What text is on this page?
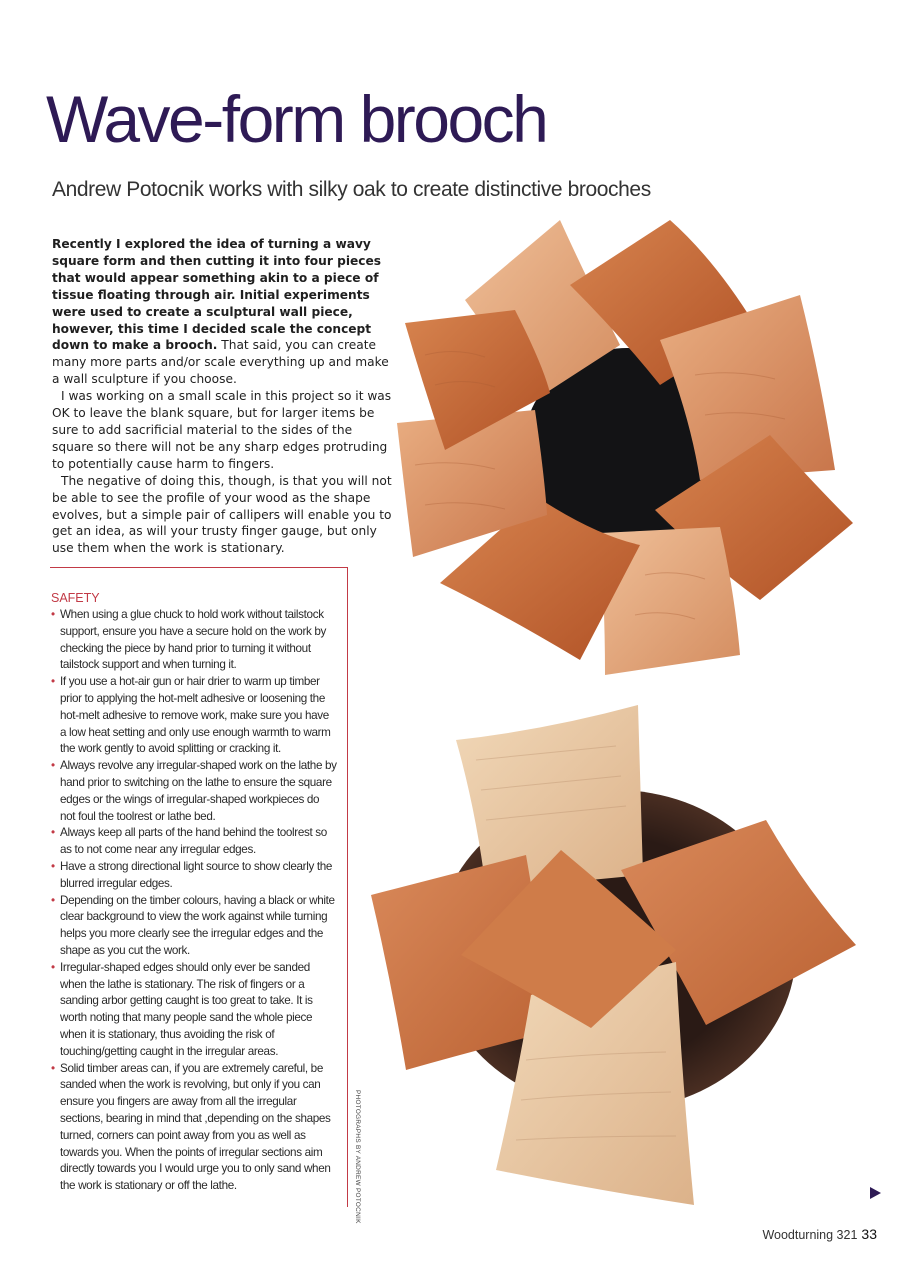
Wave-form brooch
Andrew Potocnik works with silky oak to create distinctive brooches

Recently I explored the idea of turning a wavy square form and then cutting it into four pieces that would appear something akin to a piece of tissue floating through air. Initial experiments were used to create a sculptural wall piece, however, this time I decided scale the concept down to make a brooch. That said, you can create many more parts and/or scale everything up and make a wall sculpture if you choose.

I was working on a small scale in this project so it was OK to leave the blank square, but for larger items be sure to add sacrificial material to the sides of the square so there will not be any sharp edges protruding to potentially cause harm to fingers.

The negative of doing this, though, is that you will not be able to see the profile of your wood as the shape evolves, but a simple pair of callipers will enable you to get an idea, as will your trusty finger gauge, but only use them when the work is stationary.

SAFETY
• When using a glue chuck to hold work without tailstock support, ensure you have a secure hold on the work by checking the piece by hand prior to turning it without tailstock support and when turning it.
• If you use a hot-air gun or hair drier to warm up timber prior to applying the hot-melt adhesive or loosening the hot-melt adhesive to remove work, make sure you have a low heat setting and only use enough warmth to warm the work gently to avoid splitting or cracking it.
• Always revolve any irregular-shaped work on the lathe by hand prior to switching on the lathe to ensure the square edges or the wings of irregular-shaped workpieces do not foul the toolrest or lathe bed.
• Always keep all parts of the hand behind the toolrest so as to not come near any irregular edges.
• Have a strong directional light source to show clearly the blurred irregular edges.
• Depending on the timber colours, having a black or white clear background to view the work against while turning helps you more clearly see the irregular edges and the shape as you cut the work.
• Irregular-shaped edges should only ever be sanded when the lathe is stationary. The risk of fingers or a sanding arbor getting caught is too great to take. It is worth noting that many people sand the whole piece when it is stationary, thus avoiding the risk of touching/getting caught in the irregular areas.
• Solid timber areas can, if you are extremely careful, be sanded when the work is revolving, but only if you can ensure you fingers are away from all the irregular sections, bearing in mind that ,depending on the shapes turned, corners can point away from you as well as towards you. When the points of irregular sections aim directly towards you I would urge you to only sand when the work is stationary or off the lathe.	PHOTOGRAPHS BY ANDREW POTOCNIK
Woodturning 321 33
